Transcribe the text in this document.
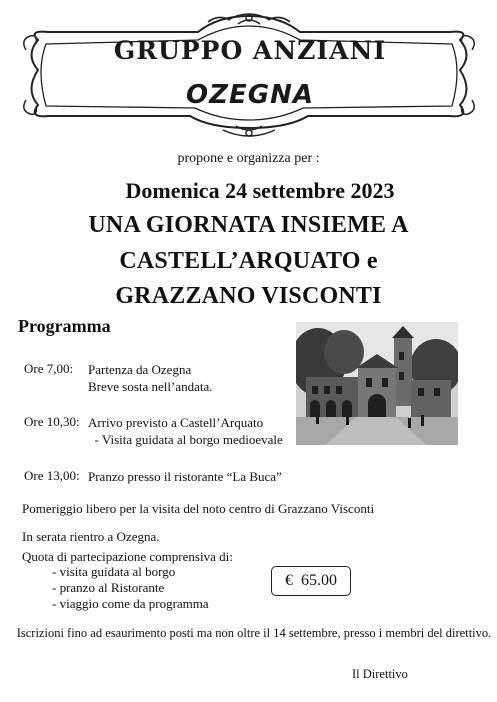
GRUPPO ANZIANI
OZEGNA
propone e organizza per :
Domenica 24 settembre 2023
UNA GIORNATA INSIEME A
CASTELL’ARQUATO e
GRAZZANO VISCONTI
Programma
Ore 7,00: Partenza da Ozegna
Breve sosta nell’andata.
Ore 10,30: Arrivo previsto a Castell’Arquato
- Visita guidata al borgo medioevale
Ore 13,00: Pranzo presso il ristorante “La Buca”
Pomeriggio libero per la visita del noto centro di Grazzano Visconti
In serata rientro a Ozegna.
Quota di partecipazione comprensiva di:
- visita guidata al borgo
- pranzo al Ristorante
- viaggio come da programma
€  65.00
Iscrizioni fino ad esaurimento posti ma non oltre il 14 settembre, presso i membri del direttivo.
Il Direttivo
